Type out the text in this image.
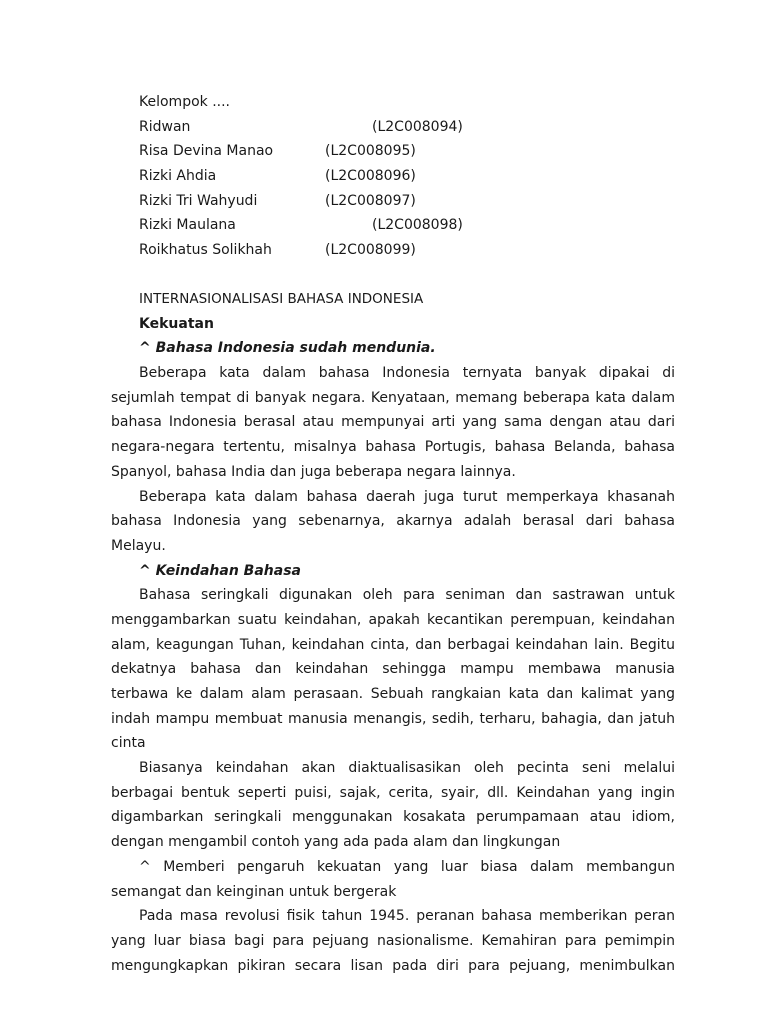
Kelompok ....
Ridwan	(L2C008094)
Risa Devina Manao	(L2C008095)
Rizki Ahdia	(L2C008096)
Rizki Tri Wahyudi	(L2C008097)
Rizki Maulana	(L2C008098)
Roikhatus Solikhah	(L2C008099)
INTERNASIONALISASI BAHASA INDONESIA
Kekuatan
^ Bahasa Indonesia sudah mendunia.
Beberapa kata dalam bahasa Indonesia ternyata banyak dipakai di
sejumlah tempat di banyak negara. Kenyataan, memang beberapa kata dalam
bahasa Indonesia berasal atau mempunyai arti yang sama dengan atau dari
negara-negara tertentu, misalnya bahasa Portugis, bahasa Belanda, bahasa
Spanyol, bahasa India dan juga beberapa negara lainnya.
Beberapa kata dalam bahasa daerah juga turut memperkaya khasanah
bahasa Indonesia yang sebenarnya, akarnya adalah berasal dari bahasa
Melayu.
^ Keindahan Bahasa
Bahasa seringkali digunakan oleh para seniman dan sastrawan untuk
menggambarkan suatu keindahan, apakah kecantikan perempuan, keindahan
alam, keagungan Tuhan, keindahan cinta, dan berbagai keindahan lain. Begitu
dekatnya bahasa dan keindahan sehingga mampu membawa manusia
terbawa ke dalam alam perasaan. Sebuah rangkaian kata dan kalimat yang
indah mampu membuat manusia menangis, sedih, terharu, bahagia, dan jatuh
cinta
Biasanya keindahan akan diaktualisasikan oleh pecinta seni melalui
berbagai bentuk seperti puisi, sajak, cerita, syair, dll. Keindahan yang ingin
digambarkan seringkali menggunakan kosakata perumpamaan atau idiom,
dengan mengambil contoh yang ada pada alam dan lingkungan
^ Memberi pengaruh kekuatan yang luar biasa dalam membangun
semangat dan keinginan untuk bergerak
Pada masa revolusi fisik tahun 1945. peranan bahasa memberikan peran
yang luar biasa bagi para pejuang nasionalisme. Kemahiran para pemimpin
mengungkapkan pikiran secara lisan pada diri para pejuang, menimbulkan
